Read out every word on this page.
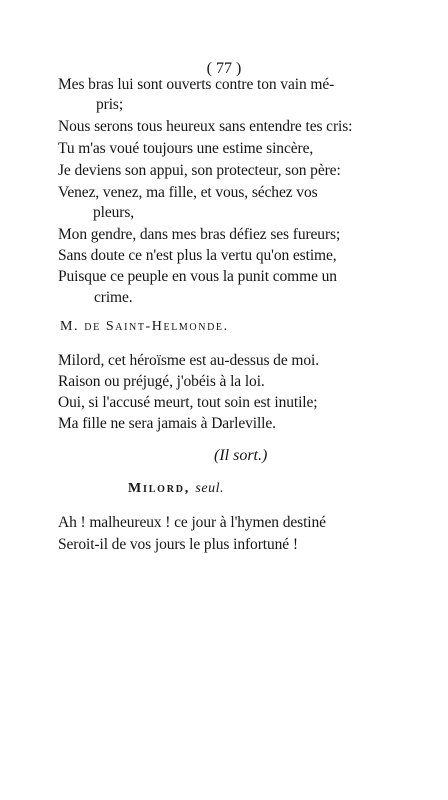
( 77 )
Mes bras lui sont ouverts contre ton vain mé-
pris;
Nous serons tous heureux sans entendre tes cris:
Tu m'as voué toujours une estime sincère,
Je deviens son appui, son protecteur, son père:
Venez, venez, ma fille, et vous, séchez vos
pleurs,
Mon gendre, dans mes bras défiez ses fureurs;
Sans doute ce n'est plus la vertu qu'on estime,
Puisque ce peuple en vous la punit comme un
crime.
M. de Saint-Helmonde.
Milord, cet héroïsme est au-dessus de moi.
Raison ou préjugé, j'obéis à la loi.
Oui, si l'accusé meurt, tout soin est inutile;
Ma fille ne sera jamais à Darleville.
(Il sort.)
Milord, seul.
Ah ! malheureux ! ce jour à l'hymen destiné
Seroit-il de vos jours le plus infortuné !
